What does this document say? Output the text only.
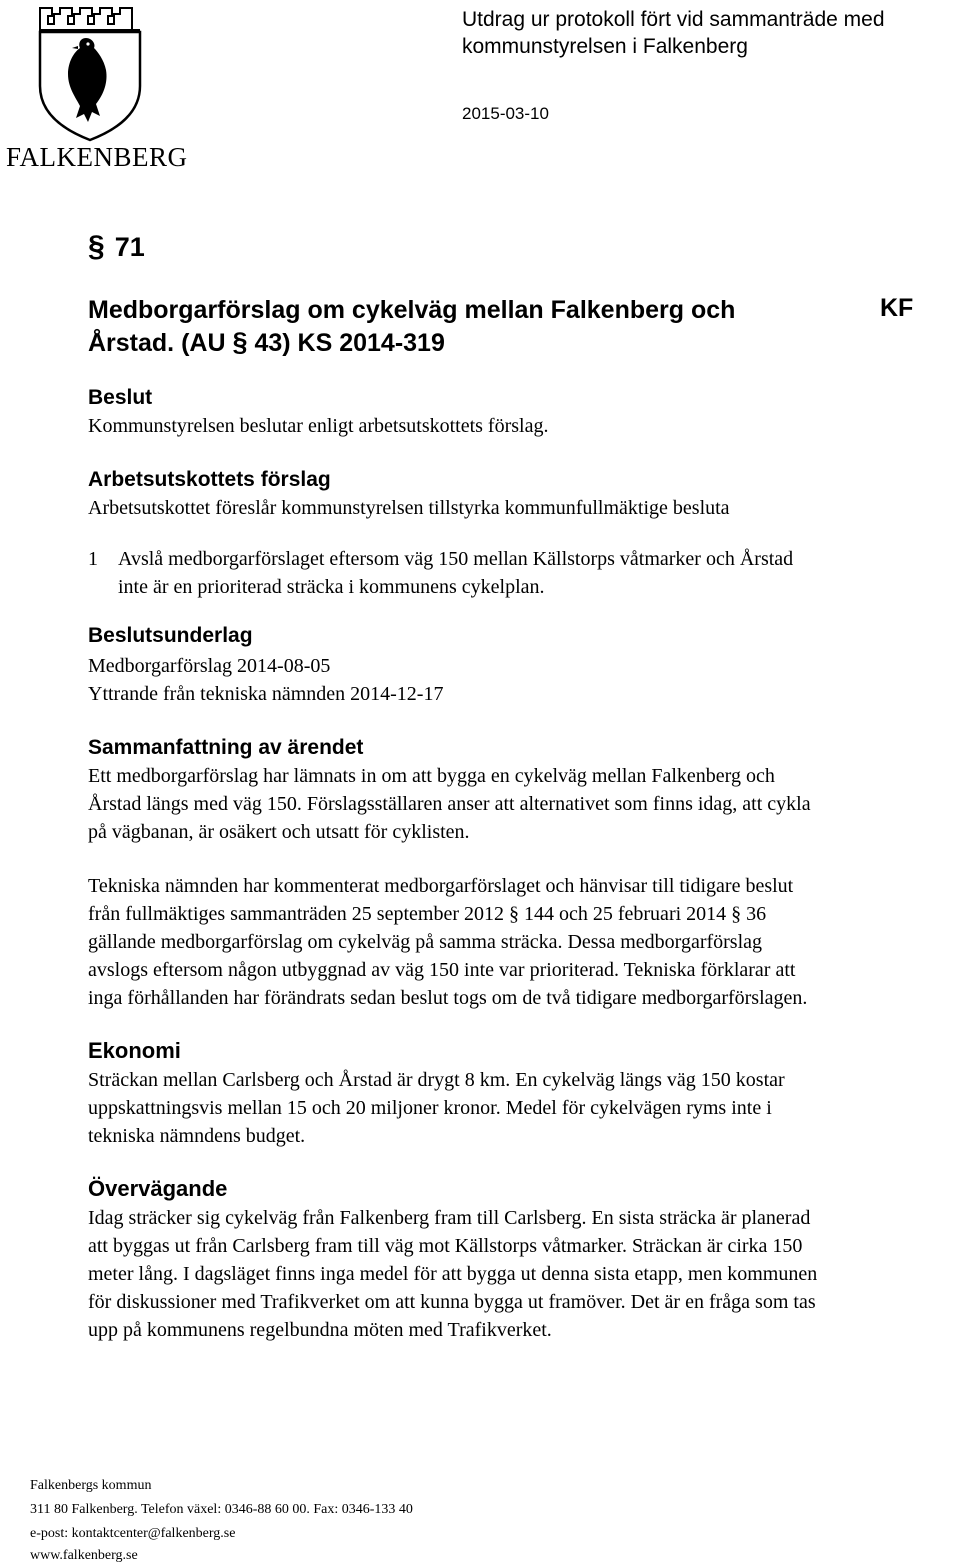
FALKENBERG
Utdrag ur protokoll fört vid sammanträde med
kommunstyrelsen i Falkenberg
2015-03-10
§ 71
Medborgarförslag om cykelväg mellan Falkenberg och
Årstad. (AU § 43) KS 2014-319
KF
Beslut
Kommunstyrelsen beslutar enligt arbetsutskottets förslag.
Arbetsutskottets förslag
Arbetsutskottet föreslår kommunstyrelsen tillstyrka kommunfullmäktige besluta
1 Avslå medborgarförslaget eftersom väg 150 mellan Källstorps våtmarker och Årstad
inte är en prioriterad sträcka i kommunens cykelplan.
Beslutsunderlag
Medborgarförslag 2014-08-05
Yttrande från tekniska nämnden 2014-12-17
Sammanfattning av ärendet
Ett medborgarförslag har lämnats in om att bygga en cykelväg mellan Falkenberg och
Årstad längs med väg 150. Förslagsställaren anser att alternativet som finns idag, att cykla
på vägbanan, är osäkert och utsatt för cyklisten.
Tekniska nämnden har kommenterat medborgarförslaget och hänvisar till tidigare beslut
från fullmäktiges sammanträden 25 september 2012 § 144 och 25 februari 2014 § 36
gällande medborgarförslag om cykelväg på samma sträcka. Dessa medborgarförslag
avslogs eftersom någon utbyggnad av väg 150 inte var prioriterad. Tekniska förklarar att
inga förhållanden har förändrats sedan beslut togs om de två tidigare medborgarförslagen.
Ekonomi
Sträckan mellan Carlsberg och Årstad är drygt 8 km. En cykelväg längs väg 150 kostar
uppskattningsvis mellan 15 och 20 miljoner kronor. Medel för cykelvägen ryms inte i
tekniska nämndens budget.
Övervägande
Idag sträcker sig cykelväg från Falkenberg fram till Carlsberg. En sista sträcka är planerad
att byggas ut från Carlsberg fram till väg mot Källstorps våtmarker. Sträckan är cirka 150
meter lång. I dagsläget finns inga medel för att bygga ut denna sista etapp, men kommunen
för diskussioner med Trafikverket om att kunna bygga ut framöver. Det är en fråga som tas
upp på kommunens regelbundna möten med Trafikverket.
Falkenbergs kommun
311 80 Falkenberg. Telefon växel: 0346-88 60 00. Fax: 0346-133 40
e-post: kontaktcenter@falkenberg.se
www.falkenberg.se
